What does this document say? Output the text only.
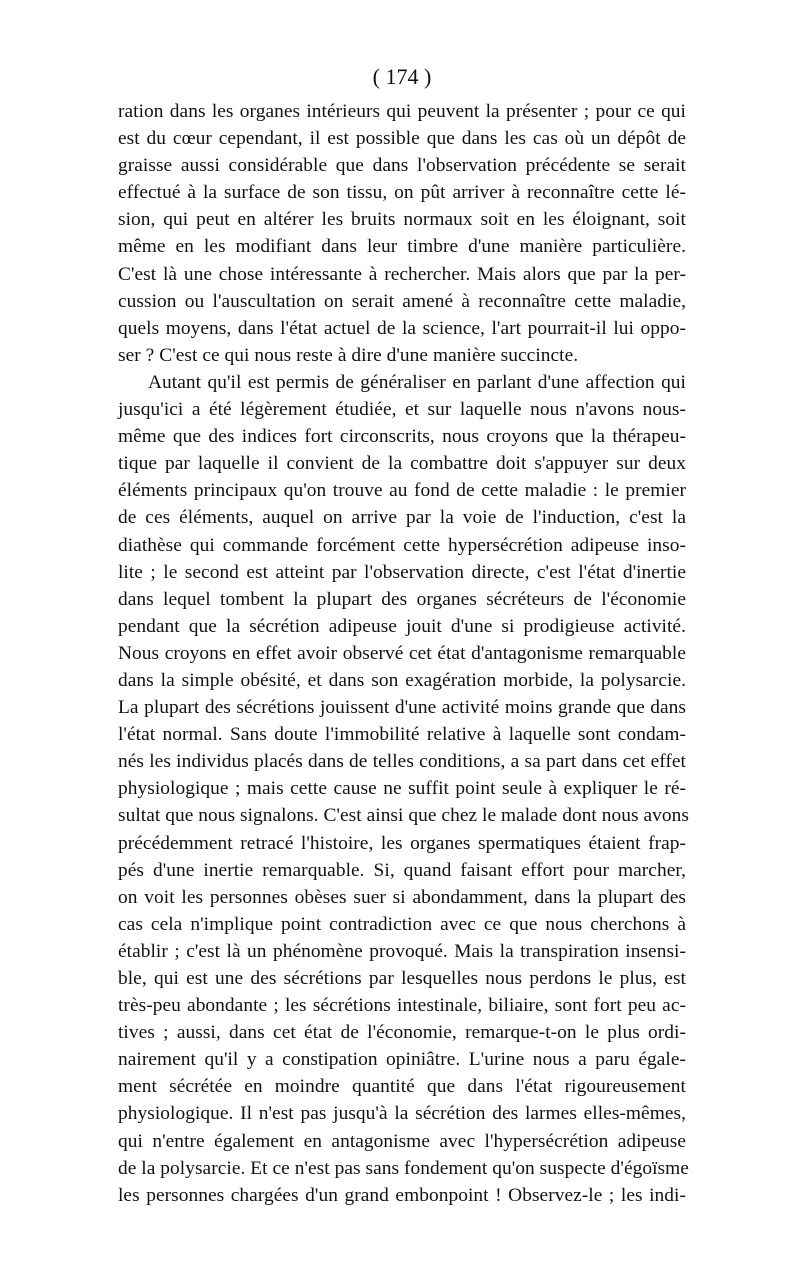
( 174 )
ration dans les organes intérieurs qui peuvent la présenter ; pour ce qui
est du cœur cependant, il est possible que dans les cas où un dépôt de
graisse aussi considérable que dans l'observation précédente se serait
effectué à la surface de son tissu, on pût arriver à reconnaître cette lé-
sion, qui peut en altérer les bruits normaux soit en les éloignant, soit
même en les modifiant dans leur timbre d'une manière particulière.
C'est là une chose intéressante à rechercher. Mais alors que par la per-
cussion ou l'auscultation on serait amené à reconnaître cette maladie,
quels moyens, dans l'état actuel de la science, l'art pourrait-il lui oppo-
ser ? C'est ce qui nous reste à dire d'une manière succincte.
Autant qu'il est permis de généraliser en parlant d'une affection qui
jusqu'ici a été légèrement étudiée, et sur laquelle nous n'avons nous-
même que des indices fort circonscrits, nous croyons que la thérapeu-
tique par laquelle il convient de la combattre doit s'appuyer sur deux
éléments principaux qu'on trouve au fond de cette maladie : le premier
de ces éléments, auquel on arrive par la voie de l'induction, c'est la
diathèse qui commande forcément cette hypersécrétion adipeuse inso-
lite ; le second est atteint par l'observation directe, c'est l'état d'inertie
dans lequel tombent la plupart des organes sécréteurs de l'économie
pendant que la sécrétion adipeuse jouit d'une si prodigieuse activité.
Nous croyons en effet avoir observé cet état d'antagonisme remarquable
dans la simple obésité, et dans son exagération morbide, la polysarcie.
La plupart des sécrétions jouissent d'une activité moins grande que dans
l'état normal. Sans doute l'immobilité relative à laquelle sont condam-
nés les individus placés dans de telles conditions, a sa part dans cet effet
physiologique ; mais cette cause ne suffit point seule à expliquer le ré-
sultat que nous signalons. C'est ainsi que chez le malade dont nous avons
précédemment retracé l'histoire, les organes spermatiques étaient frap-
pés d'une inertie remarquable. Si, quand faisant effort pour marcher,
on voit les personnes obèses suer si abondamment, dans la plupart des
cas cela n'implique point contradiction avec ce que nous cherchons à
établir ; c'est là un phénomène provoqué. Mais la transpiration insensi-
ble, qui est une des sécrétions par lesquelles nous perdons le plus, est
très-peu abondante ; les sécrétions intestinale, biliaire, sont fort peu ac-
tives ; aussi, dans cet état de l'économie, remarque-t-on le plus ordi-
nairement qu'il y a constipation opiniâtre. L'urine nous a paru égale-
ment sécrétée en moindre quantité que dans l'état rigoureusement
physiologique. Il n'est pas jusqu'à la sécrétion des larmes elles-mêmes,
qui n'entre également en antagonisme avec l'hypersécrétion adipeuse
de la polysarcie. Et ce n'est pas sans fondement qu'on suspecte d'égoïsme
les personnes chargées d'un grand embonpoint ! Observez-le ; les indi-
